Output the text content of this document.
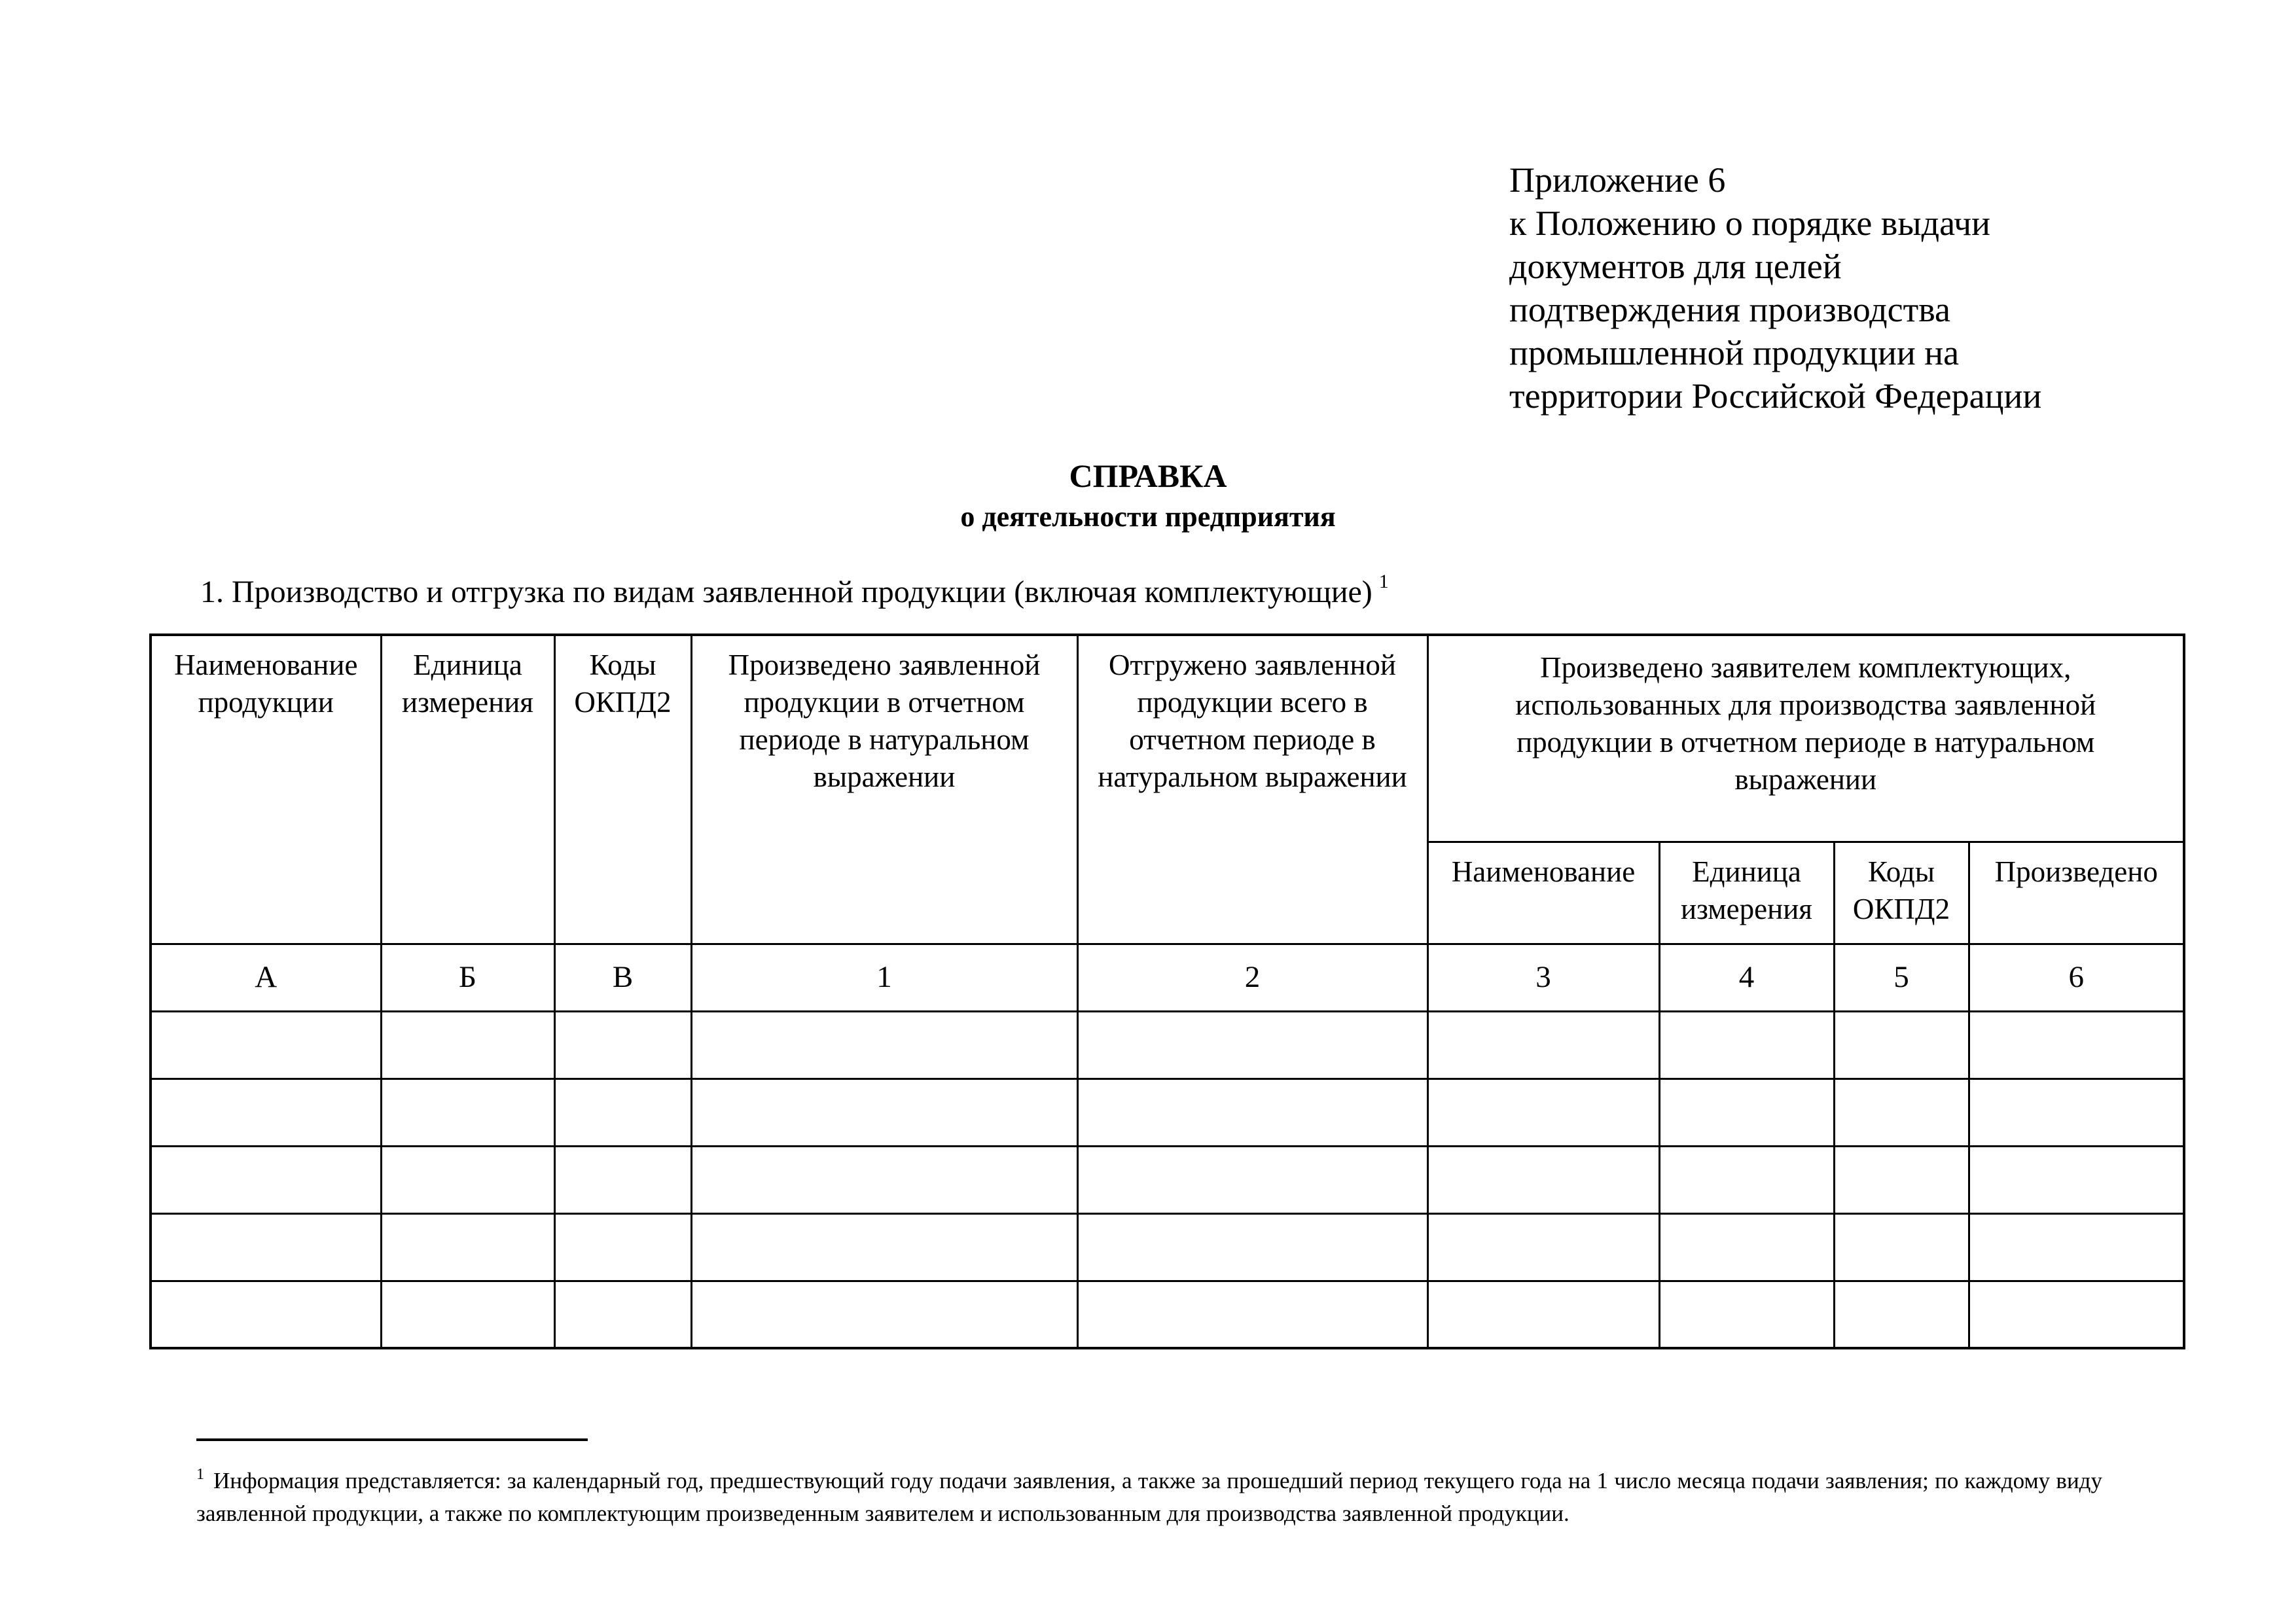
Приложение 6
к Положению о порядке выдачи
документов для целей
подтверждения производства
промышленной продукции на
территории Российской Федерации
СПРАВКА
о деятельности предприятия
1. Производство и отгрузка по видам заявленной продукции (включая комплектующие) $^1$
Наименование продукции	Единица измерения	Коды ОКПД2	Произведено заявленной продукции в отчетном периоде в натуральном выражении	Отгружено заявленной продукции всего в отчетном периоде в натуральном выражении	Произведено заявителем комплектующих, использованных для производства заявленной продукции в отчетном периоде в натуральном выражении			
					Наименование	Единица измерения	Коды ОКПД2	Произведено
А	Б	В	1	2	3	4	5	6

$^1$ Информация представляется: за календарный год, предшествующий году подачи заявления, а также за прошедший период текущего года на 1 число месяца подачи заявления; по каждому виду заявленной продукции, а также по комплектующим произведенным заявителем и использованным для производства заявленной продукции.
